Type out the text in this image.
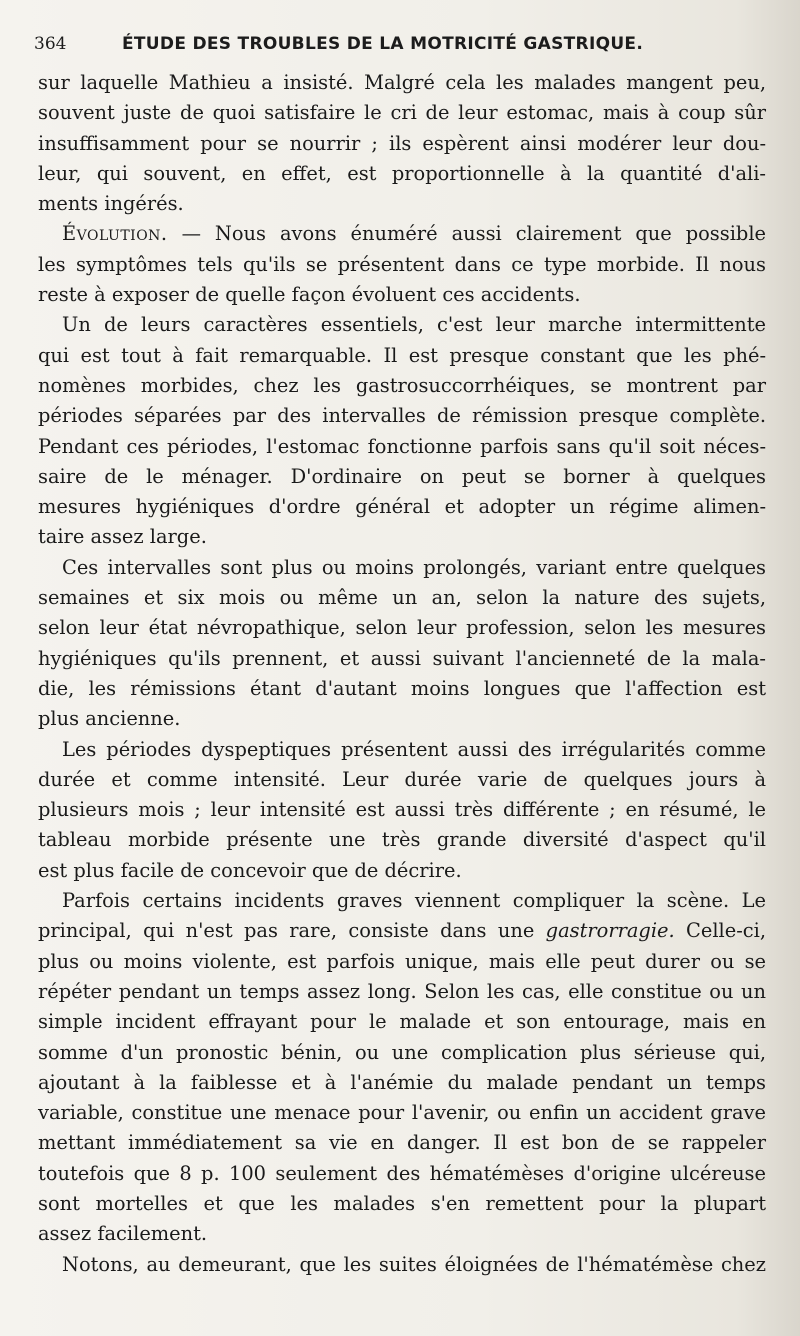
364	ÉTUDE DES TROUBLES DE LA MOTRICITÉ GASTRIQUE.
sur laquelle Mathieu a insisté. Malgré cela les malades mangent peu,
souvent juste de quoi satisfaire le cri de leur estomac, mais à coup sûr
insuffisamment pour se nourrir ; ils espèrent ainsi modérer leur dou-
leur, qui souvent, en effet, est proportionnelle à la quantité d'ali-
ments ingérés.
Évolution. — Nous avons énuméré aussi clairement que possible
les symptômes tels qu'ils se présentent dans ce type morbide. Il nous
reste à exposer de quelle façon évoluent ces accidents.
Un de leurs caractères essentiels, c'est leur marche intermittente
qui est tout à fait remarquable. Il est presque constant que les phé-
nomènes morbides, chez les gastrosuccorrhéiques, se montrent par
périodes séparées par des intervalles de rémission presque complète.
Pendant ces périodes, l'estomac fonctionne parfois sans qu'il soit néces-
saire de le ménager. D'ordinaire on peut se borner à quelques
mesures hygiéniques d'ordre général et adopter un régime alimen-
taire assez large.
Ces intervalles sont plus ou moins prolongés, variant entre quelques
semaines et six mois ou même un an, selon la nature des sujets,
selon leur état névropathique, selon leur profession, selon les mesures
hygiéniques qu'ils prennent, et aussi suivant l'ancienneté de la mala-
die, les rémissions étant d'autant moins longues que l'affection est
plus ancienne.
Les périodes dyspeptiques présentent aussi des irrégularités comme
durée et comme intensité. Leur durée varie de quelques jours à
plusieurs mois ; leur intensité est aussi très différente ; en résumé, le
tableau morbide présente une très grande diversité d'aspect qu'il
est plus facile de concevoir que de décrire.
Parfois certains incidents graves viennent compliquer la scène. Le
principal, qui n'est pas rare, consiste dans une gastrorragie. Celle-ci,
plus ou moins violente, est parfois unique, mais elle peut durer ou se
répéter pendant un temps assez long. Selon les cas, elle constitue ou un
simple incident effrayant pour le malade et son entourage, mais en
somme d'un pronostic bénin, ou une complication plus sérieuse qui,
ajoutant à la faiblesse et à l'anémie du malade pendant un temps
variable, constitue une menace pour l'avenir, ou enfin un accident grave
mettant immédiatement sa vie en danger. Il est bon de se rappeler
toutefois que 8 p. 100 seulement des hématémèses d'origine ulcéreuse
sont mortelles et que les malades s'en remettent pour la plupart
assez facilement.
Notons, au demeurant, que les suites éloignées de l'hématémèse chez
